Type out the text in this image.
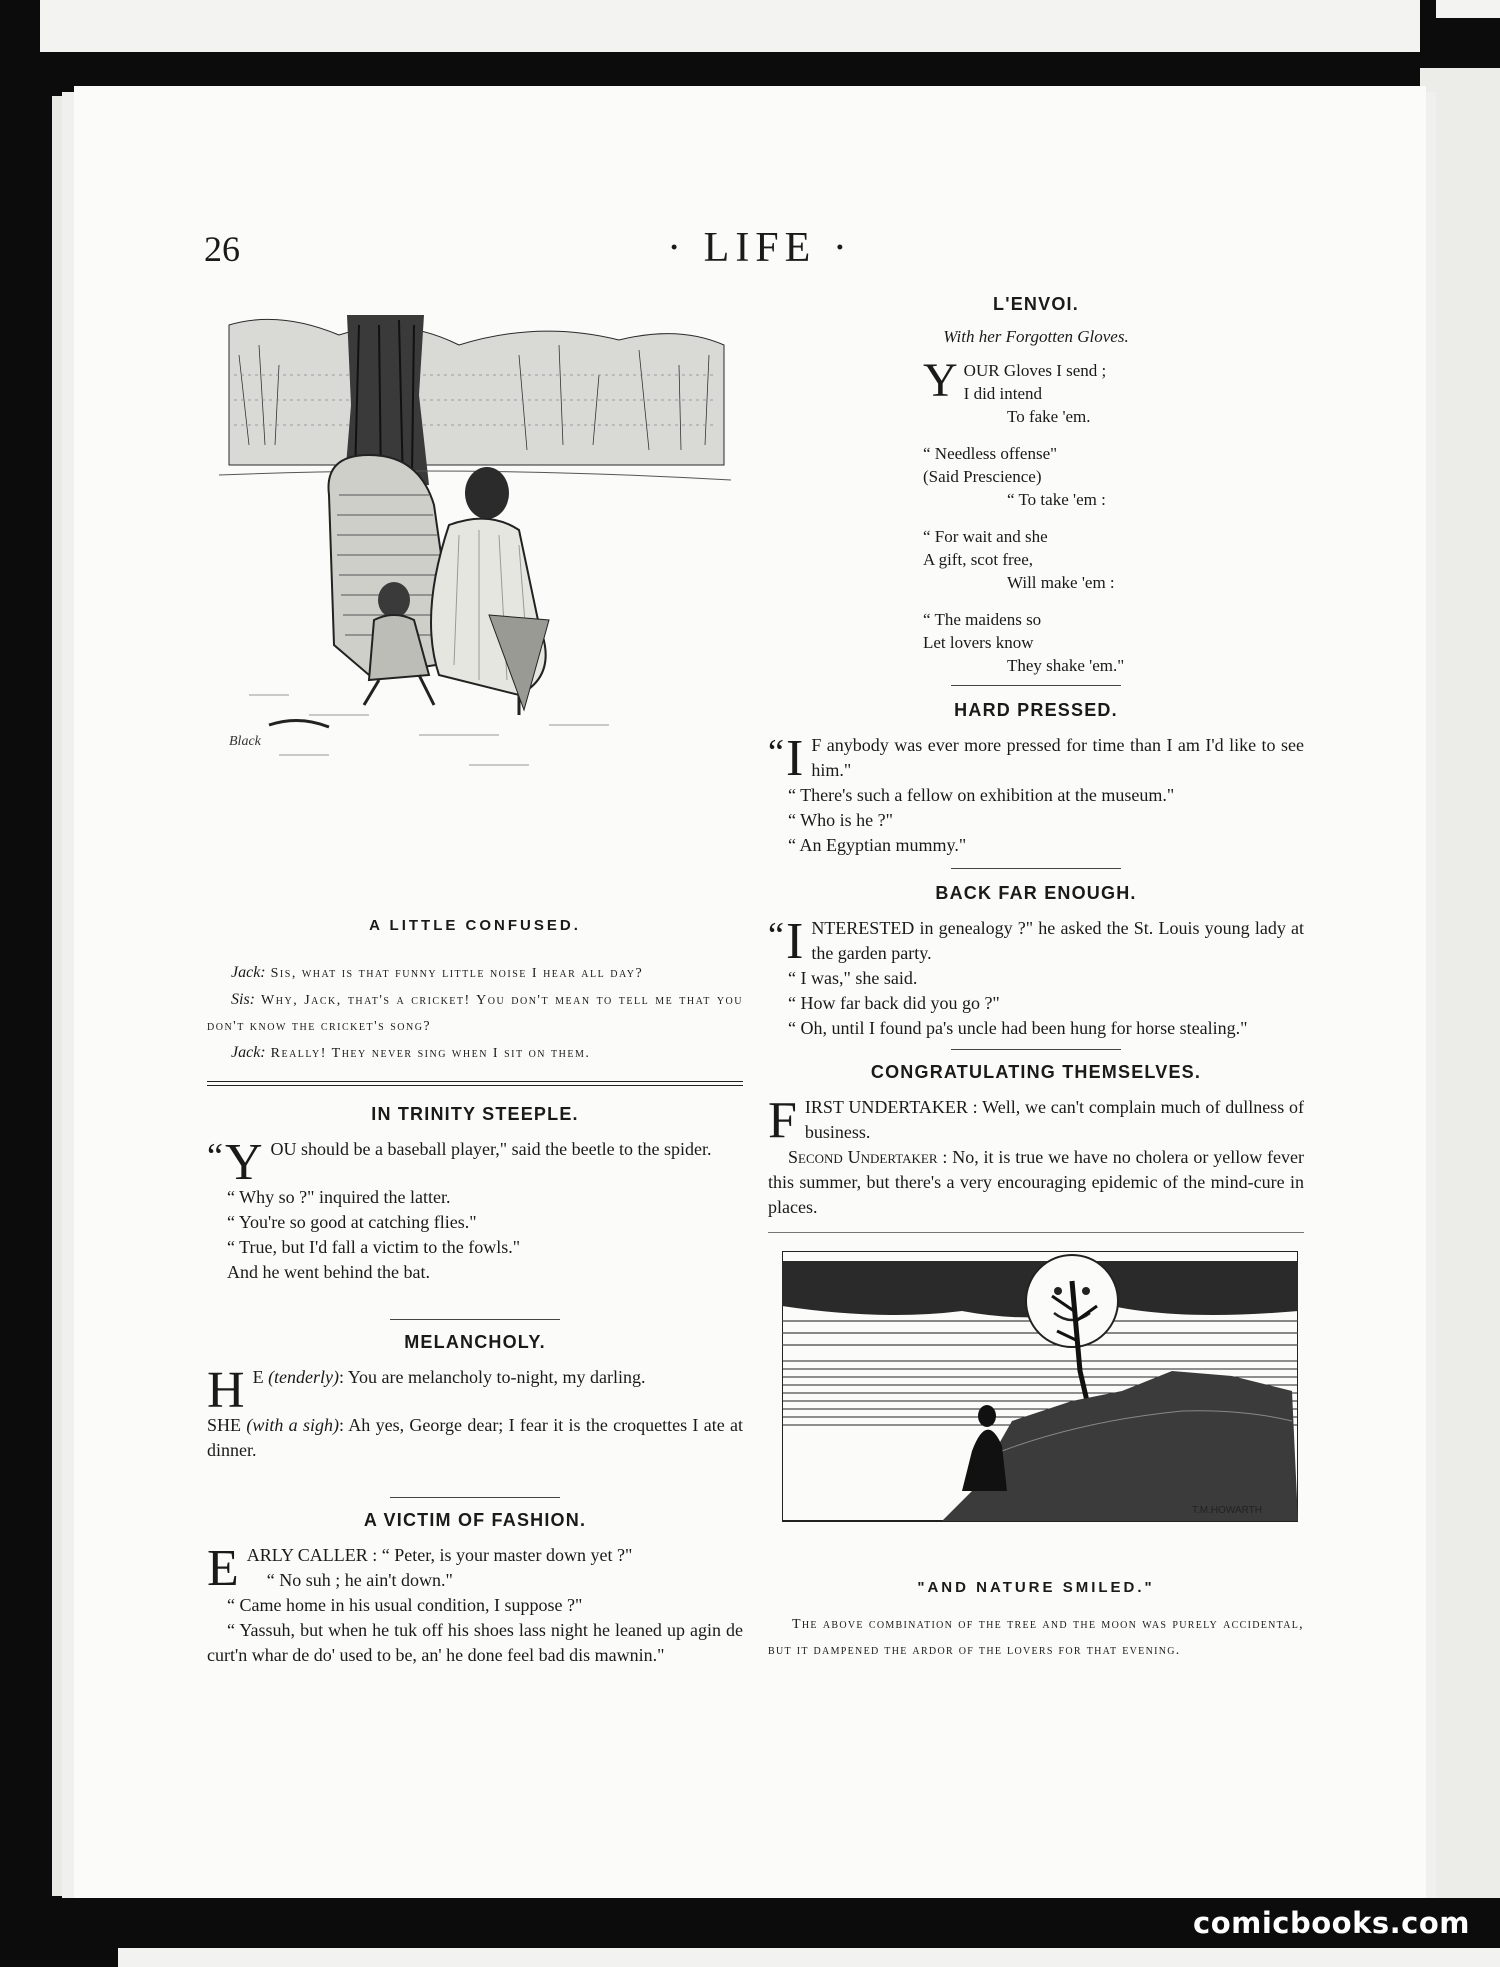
26	· LIFE ·
Black
A LITTLE CONFUSED.

Jack: Sis, what is that funny little noise I hear all day?

Sis: Why, Jack, that's a cricket! You don't mean to tell me that you don't know the cricket's song?

Jack: Really! They never sing when I sit on them.

IN TRINITY STEEPLE.

“ Y OU should be a baseball player," said the beetle to the spider.

“ Why so ?" inquired the latter.

“ You're so good at catching flies."

“ True, but I'd fall a victim to the fowls."

And he went behind the bat.

MELANCHOLY.

H E (tenderly): You are melancholy to-night, my darling.

SHE (with a sigh): Ah yes, George dear; I fear it is the croquettes I ate at dinner.

A VICTIM OF FASHION.

EARLY CALLER : “ Peter, is your master down yet ?"

“ No suh ; he ain't down."

“ Came home in his usual condition, I suppose ?"

“ Yassuh, but when he tuk off his shoes lass night he leaned up agin de curt'n whar de do' used to be, an' he done feel bad dis mawnin."

L'ENVOI.
With her Forgotten Gloves.
Y OUR Gloves I send ;

I did intend

To fake 'em.

“ Needless offense"

(Said Prescience)

“ To take 'em :

“ For wait and she

A gift, scot free,

Will make 'em :

“ The maidens so

Let lovers know

They shake 'em."

HARD PRESSED.

“ I F anybody was ever more pressed for time than I am I'd like to see him."

“ There's such a fellow on exhibition at the museum."

“ Who is he ?"

“ An Egyptian mummy."

BACK FAR ENOUGH.

“ I NTERESTED in genealogy ?" he asked the St. Louis young lady at the garden party.

“ I was," she said.

“ How far back did you go ?"

“ Oh, until I found pa's uncle had been hung for horse stealing."

CONGRATULATING THEMSELVES.

FIRST UNDERTAKER : Well, we can't complain much of dullness of business.

Second Undertaker : No, it is true we have no cholera or yellow fever this summer, but there's a very encouraging epidemic of the mind-cure in places.

T.M.HOWARTH
"AND NATURE SMILED."
The above combination of the tree and the moon was purely accidental, but it dampened the ardor of the lovers for that evening.
comicbooks.com
